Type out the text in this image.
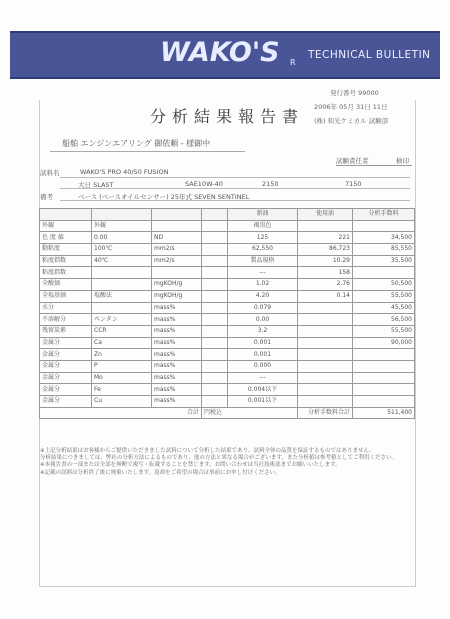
WAKO'S R
TECHNICAL BULLETIN
発行番号 99000
2006年 05月 31日 11日
(株) 和光ケミカル 試験部
分析結果報告書
船舶 エンジンエアリング 御依頼 - 様御中
試験責任者	検印
試料名	WAKO'S PRO 40/50 FUSION
大日 SLAST	SAE10W-40	2150	7150
備考	ベース (ベースオイルセンサー) 25年式 SEVEN SENTINEL
				新油	使用油	分析手数料
外観	外観			褐黒色		
色 度 値	0.00	ND		125	221	34,500
動粘度	100℃	mm2/s		62,550	86,723	85,550
粘度指数	40℃	mm2/s		製品規格	10.29	35,500
粘度指数				---	158	
全酸価		mgKOH/g		1.02	2.76	50,500
全塩基価	塩酸法	mgKOH/g		4.20	0.14	55,500
水分		mass%		0.079		45,500
不溶解分	ペンタン	mass%		0.00		56,500
残留炭素	CCR	mass%		3.2		55,500
金属分	Ca	mass%		0.001		90,000
金属分	Zn	mass%		0.001		
金属分	P	mass%		0.000		
金属分	Mo	mass%		---		
金属分	Fe	mass%		0.004以下		
金属分	Cu	mass%		0.001以下		
合計			円税込		分析手数料合計	511,400
※上記分析結果はお客様からご提供いただきました試料について分析した結果であり、試料全体の品質を保証するものではありません。
分析結果につきましては、弊社の分析方法によるものであり、他の方法と異なる場合がございます。また分析値は参考値としてご利用ください。
※本報告書の一部または全部を無断で複写・転載することを禁じます。お問い合わせは当社技術部までお願いいたします。
※記載の試料は分析終了後に廃棄いたします。返却をご希望の場合は事前にお申し付けください。
